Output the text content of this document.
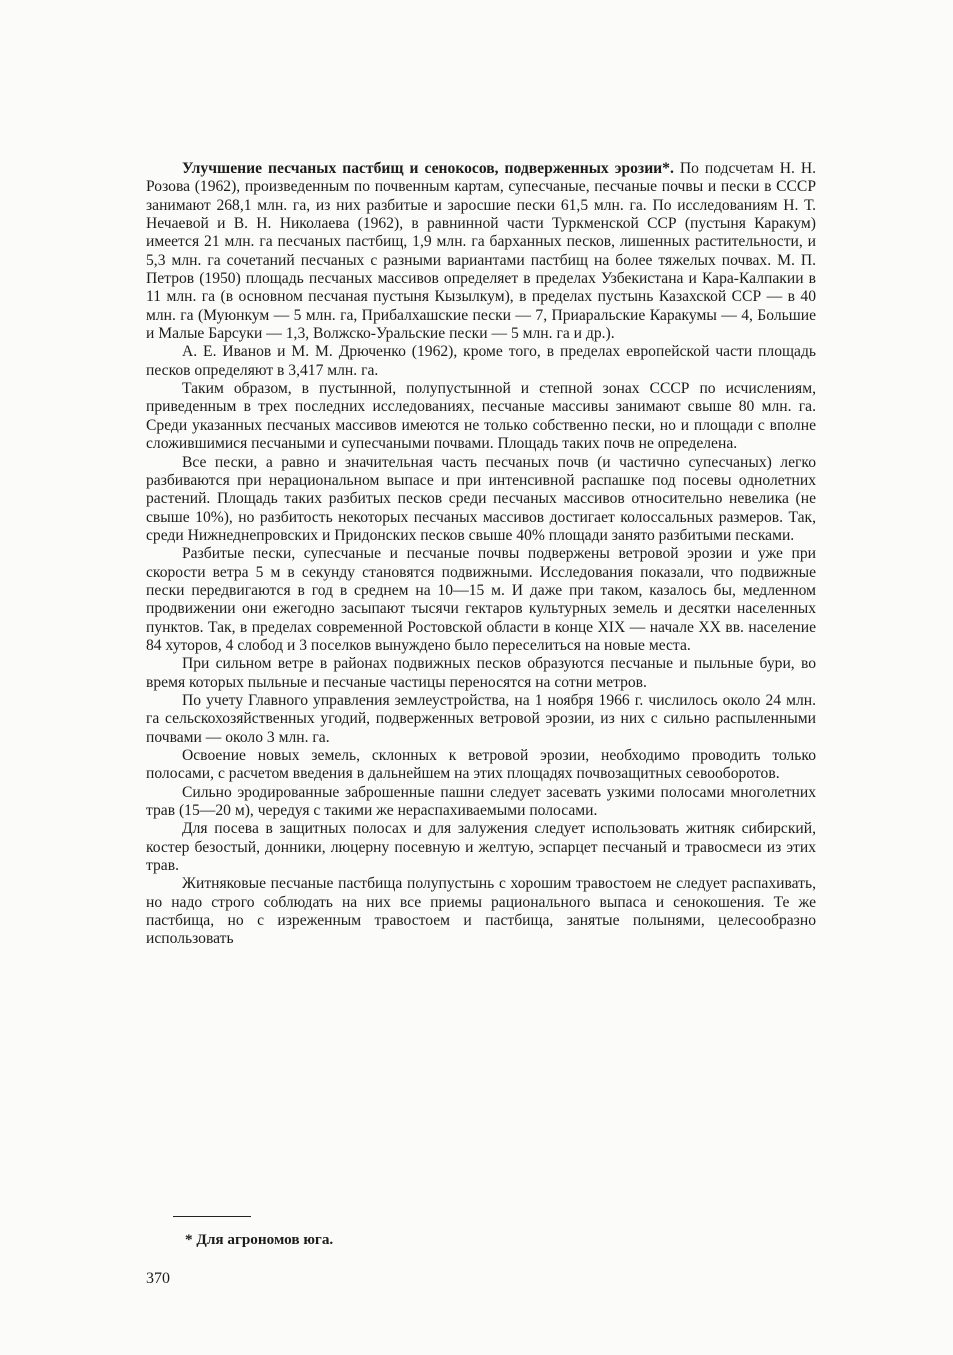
Улучшение песчаных пастбищ и сенокосов, подверженных эрозии*. По подсчетам Н. Н. Розова (1962), произведенным по почвенным картам, супесчаные, песчаные почвы и пески в СССР занимают 268,1 млн. га, из них разбитые и заросшие пески 61,5 млн. га. По исследованиям Н. Т. Нечаевой и В. Н. Николаева (1962), в равнинной части Туркменской ССР (пустыня Каракум) имеется 21 млн. га песчаных пастбищ, 1,9 млн. га барханных песков, лишенных растительности, и 5,3 млн. га сочетаний песчаных с разными вариантами пастбищ на более тяжелых почвах. М. П. Петров (1950) площадь песчаных массивов определяет в пределах Узбекистана и Кара-Калпакии в 11 млн. га (в основном песчаная пустыня Кызылкум), в пределах пустынь Казахской ССР — в 40 млн. га (Муюнкум — 5 млн. га, Прибалхашские пески — 7, Приаральские Каракумы — 4, Большие и Малые Барсуки — 1,3, Волжско-Уральские пески — 5 млн. га и др.).

А. Е. Иванов и М. М. Дрюченко (1962), кроме того, в пределах европейской части площадь песков определяют в 3,417 млн. га.

Таким образом, в пустынной, полупустынной и степной зонах СССР по исчислениям, приведенным в трех последних исследованиях, песчаные массивы занимают свыше 80 млн. га. Среди указанных песчаных массивов имеются не только собственно пески, но и площади с вполне сложившимися песчаными и супесчаными почвами. Площадь таких почв не определена.

Все пески, а равно и значительная часть песчаных почв (и частично супесчаных) легко разбиваются при нерациональном выпасе и при интенсивной распашке под посевы однолетних растений. Площадь таких разбитых песков среди песчаных массивов относительно невелика (не свыше 10%), но разбитость некоторых песчаных массивов достигает колоссальных размеров. Так, среди Нижнеднепровских и Придонских песков свыше 40% площади занято разбитыми песками.

Разбитые пески, супесчаные и песчаные почвы подвержены ветровой эрозии и уже при скорости ветра 5 м в секунду становятся подвижными. Исследования показали, что подвижные пески передвигаются в год в среднем на 10—15 м. И даже при таком, казалось бы, медленном продвижении они ежегодно засыпают тысячи гектаров культурных земель и десятки населенных пунктов. Так, в пределах современной Ростовской области в конце XIX — начале XX вв. население 84 хуторов, 4 слобод и 3 поселков вынуждено было переселиться на новые места.

При сильном ветре в районах подвижных песков образуются песчаные и пыльные бури, во время которых пыльные и песчаные частицы переносятся на сотни метров.

По учету Главного управления землеустройства, на 1 ноября 1966 г. числилось около 24 млн. га сельскохозяйственных угодий, подверженных ветровой эрозии, из них с сильно распыленными почвами — около 3 млн. га.

Освоение новых земель, склонных к ветровой эрозии, необходимо проводить только полосами, с расчетом введения в дальнейшем на этих площадях почвозащитных севооборотов.

Сильно эродированные заброшенные пашни следует засевать узкими полосами многолетних трав (15—20 м), чередуя с такими же нераспахиваемыми полосами.

Для посева в защитных полосах и для залужения следует использовать житняк сибирский, костер безостый, донники, люцерну посевную и желтую, эспарцет песчаный и травосмеси из этих трав.

Житняковые песчаные пастбища полупустынь с хорошим травостоем не следует распахивать, но надо строго соблюдать на них все приемы рационального выпаса и сенокошения. Те же пастбища, но с изреженным травостоем и пастбища, занятые полынями, целесообразно использовать

* Для агрономов юга.
370
